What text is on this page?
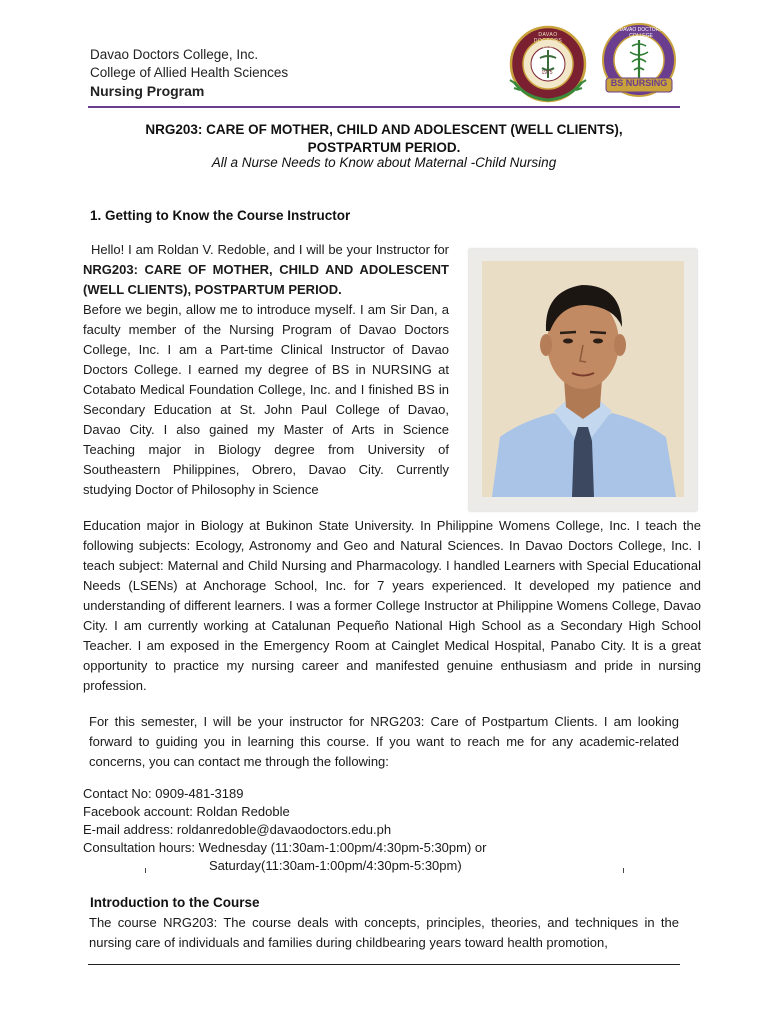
Davao Doctors College, Inc.
College of Allied Health Sciences
Nursing Program
DAVAO DOCTORS COLLEGE
1975
BS NURSING
DAVAO DOCTORS COLLEGE
NRG203: CARE OF MOTHER, CHILD AND ADOLESCENT (WELL CLIENTS),
POSTPARTUM PERIOD.
All a Nurse Needs to Know about Maternal -Child Nursing
1. Getting to Know the Course Instructor
Hello! I am Roldan V. Redoble, and I will be your Instructor for NRG203: CARE OF MOTHER, CHILD AND ADOLESCENT (WELL CLIENTS), POSTPARTUM PERIOD.
Before we begin, allow me to introduce myself. I am Sir Dan, a faculty member of the Nursing Program of Davao Doctors College, Inc. I am a Part-time Clinical Instructor of Davao Doctors College. I earned my degree of BS in NURSING at Cotabato Medical Foundation College, Inc. and I finished BS in Secondary Education at St. John Paul College of Davao, Davao City. I also gained my Master of Arts in Science Teaching major in Biology degree from University of Southeastern Philippines, Obrero, Davao City. Currently studying Doctor of Philosophy in Science
Education major in Biology at Bukinon State University. In Philippine Womens College, Inc. I teach the following subjects: Ecology, Astronomy and Geo and Natural Sciences. In Davao Doctors College, Inc. I teach subject: Maternal and Child Nursing and Pharmacology. I handled Learners with Special Educational Needs (LSENs) at Anchorage School, Inc. for 7 years experienced. It developed my patience and understanding of different learners. I was a former College Instructor at Philippine Womens College, Davao City. I am currently working at Catalunan Pequeño National High School as a Secondary High School Teacher. I am exposed in the Emergency Room at Cainglet Medical Hospital, Panabo City. It is a great opportunity to practice my nursing career and manifested genuine enthusiasm and pride in nursing profession.
For this semester, I will be your instructor for NRG203: Care of Postpartum Clients. I am looking forward to guiding you in learning this course. If you want to reach me for any academic-related concerns, you can contact me through the following:
Contact No: 0909-481-3189
Facebook account: Roldan Redoble
E-mail address: roldanredoble@davaodoctors.edu.ph
Consultation hours: Wednesday (11:30am-1:00pm/4:30pm-5:30pm) or
Saturday(11:30am-1:00pm/4:30pm-5:30pm)
Introduction to the Course
The course NRG203: The course deals with concepts, principles, theories, and techniques in the nursing care of individuals and families during childbearing years toward health promotion,
